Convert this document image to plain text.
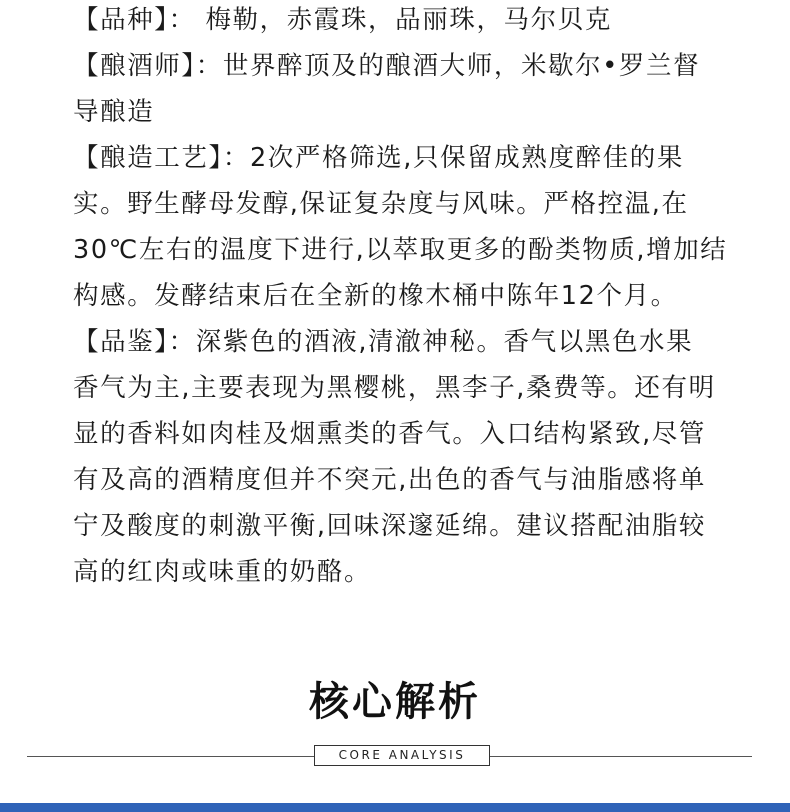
【品种】： 梅勒，赤霞珠，品丽珠，马尔贝克
【酿酒师】：世界醉顶及的酿酒大师，米歇尔•罗兰督
导酿造
【酿造工艺】：2次严格筛选,只保留成熟度醉佳的果
实。野生酵母发醇,保证复杂度与风味。严格控温,在
30℃左右的温度下进行,以萃取更多的酚类物质,增加结
构感。发酵结束后在全新的橡木桶中陈年12个月。
【品鉴】：深紫色的酒液,清澈神秘。香气以黑色水果
香气为主,主要表现为黑樱桃，黑李子,桑费等。还有明
显的香料如肉桂及烟熏类的香气。入口结构紧致,尽管
有及高的酒精度但并不突元,出色的香气与油脂感将单
宁及酸度的刺激平衡,回味深邃延绵。建议搭配油脂较
高的红肉或味重的奶酪。
核心解析
CORE ANALYSIS
